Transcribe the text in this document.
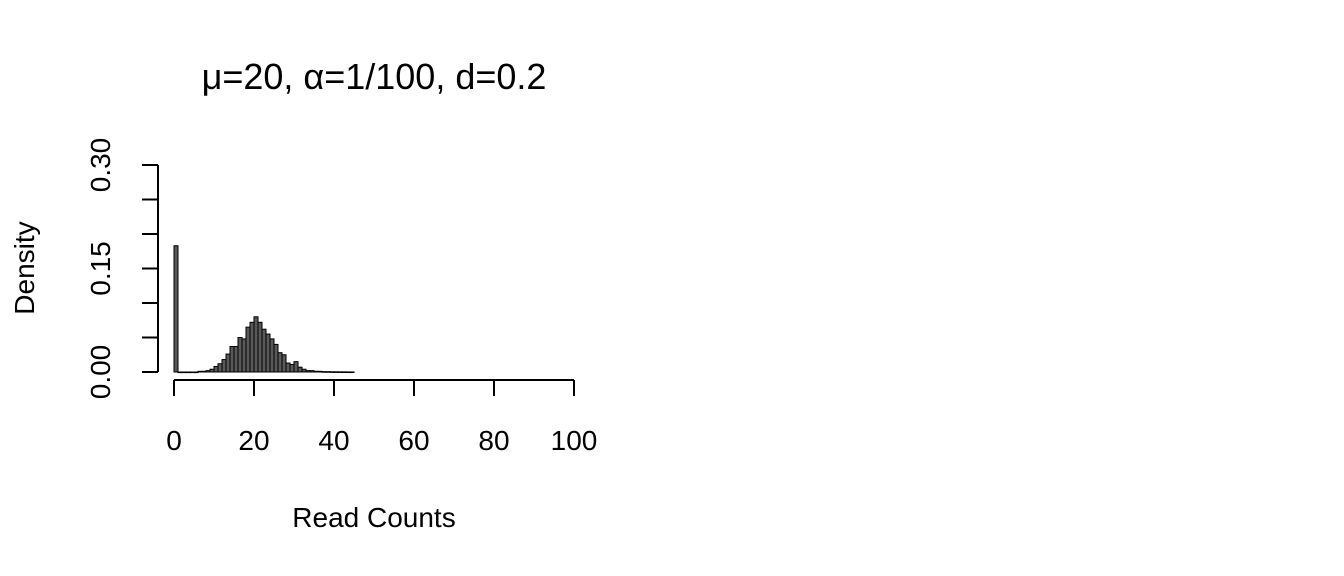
μ=20, α=1/100, d=0.2
Density
Read Counts
0.00
0.15
0.30
0 20 40 60 80 100
